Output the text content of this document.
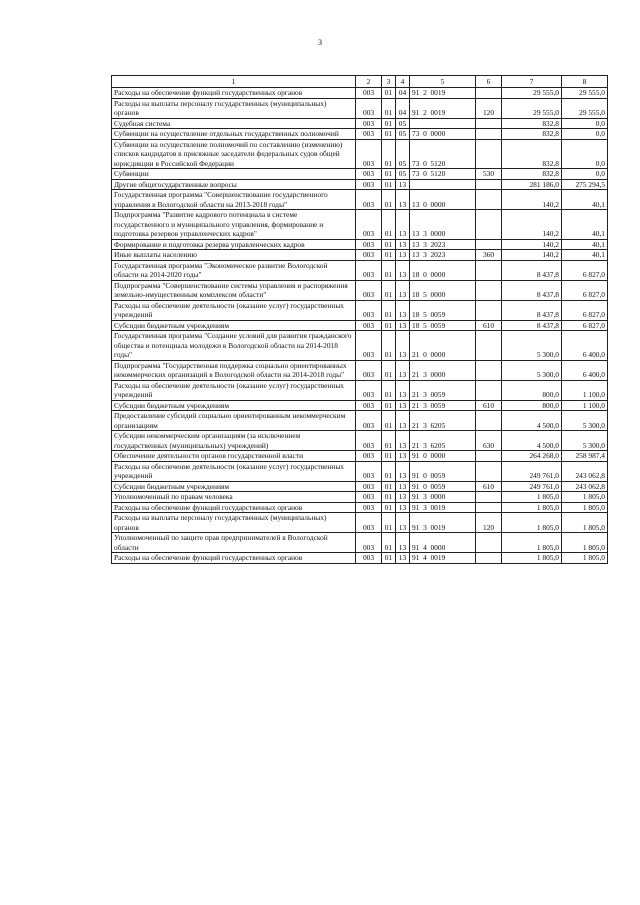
3
1	2	3	4	5	6	7	8
Расходы на обеспечение функций государственных органов	003	01	04	91  2  0019		29 555,0	29 555,0
Расходы на выплаты персоналу государственных (муниципальных) органов	003	01	04	91  2  0019	120	29 555,0	29 555,0
Судебная система	003	01	05			832,8	0,0
Субвенции на осуществление отдельных государственных полномочий	003	01	05	73  0  0000		832,8	0,0
Субвенции на осуществление полномочий по составлению (изменению) списков кандидатов в присяжные заседатели федеральных судов общей юрисдикции в Российской Федерации	003	01	05	73  0  5120		832,8	0,0
Субвенции	003	01	05	73  0  5120	530	832,8	0,0
Другие общегосударственные вопросы	003	01	13			281 186,0	275 294,5
Государственная программа "Совершенствование государственного управления в Вологодской области на 2013-2018 годы"	003	01	13	13  0  0000		140,2	40,1
Подпрограмма "Развитие кадрового потенциала в системе государственного и муниципального управления, формирование и подготовка резервов управленческих кадров"	003	01	13	13  3  0000		140,2	40,1
Формирование и подготовка резерва управленческих кадров	003	01	13	13  3  2023		140,2	40,1
Иные выплаты населению	003	01	13	13  3  2023	360	140,2	40,1
Государственная программа "Экономическое развитие Вологодской области на 2014-2020 годы"	003	01	13	18  0  0000		8 437,8	6 827,0
Подпрограмма "Совершенствование системы управления и распоряжения земельно-имущественным комплексом области"	003	01	13	18  5  0000		8 437,8	6 827,0
Расходы на обеспечение деятельности (оказание услуг) государственных учреждений	003	01	13	18  5  0059		8 437,8	6 827,0
Субсидии бюджетным учреждениям	003	01	13	18  5  0059	610	8 437,8	6 827,0
Государственная программа "Создание условий для развития гражданского общества и потенциала молодежи в Вологодской области на 2014-2018 годы"	003	01	13	21  0  0000		5 300,0	6 400,0
Подпрограмма "Государственная поддержка социально ориентированных некоммерческих организаций в Вологодской области на 2014-2018 годы"	003	01	13	21  3  0000		5 300,0	6 400,0
Расходы на обеспечение деятельности (оказание услуг) государственных учреждений	003	01	13	21  3  0059		800,0	1 100,0
Субсидии бюджетным учреждениям	003	01	13	21  3  0059	610	800,0	1 100,0
Предоставление субсидий социально ориентированным некоммерческим организациям	003	01	13	21  3  6205		4 500,0	5 300,0
Субсидии некоммерческим организациям (за исключением государственных (муниципальных) учреждений)	003	01	13	21  3  6205	630	4 500,0	5 300,0
Обеспечение деятельности органов государственной власти	003	01	13	91  0  0000		264 268,0	258 987,4
Расходы на обеспечение деятельности (оказание услуг) государственных учреждений	003	01	13	91  0  0059		249 761,0	243 062,8
Субсидии бюджетным учреждениям	003	01	13	91  0  0059	610	249 761,0	243 062,8
Уполномоченный по правам человека	003	01	13	91  3  0000		1 805,0	1 805,0
Расходы на обеспечение функций государственных органов	003	01	13	91  3  0019		1 805,0	1 805,0
Расходы на выплаты персоналу государственных (муниципальных) органов	003	01	13	91  3  0019	120	1 805,0	1 805,0
Уполномоченный по защите прав предпринимателей в Вологодской области	003	01	13	91  4  0000		1 805,0	1 805,0
Расходы на обеспечение функций государственных органов	003	01	13	91  4  0019		1 805,0	1 805,0
